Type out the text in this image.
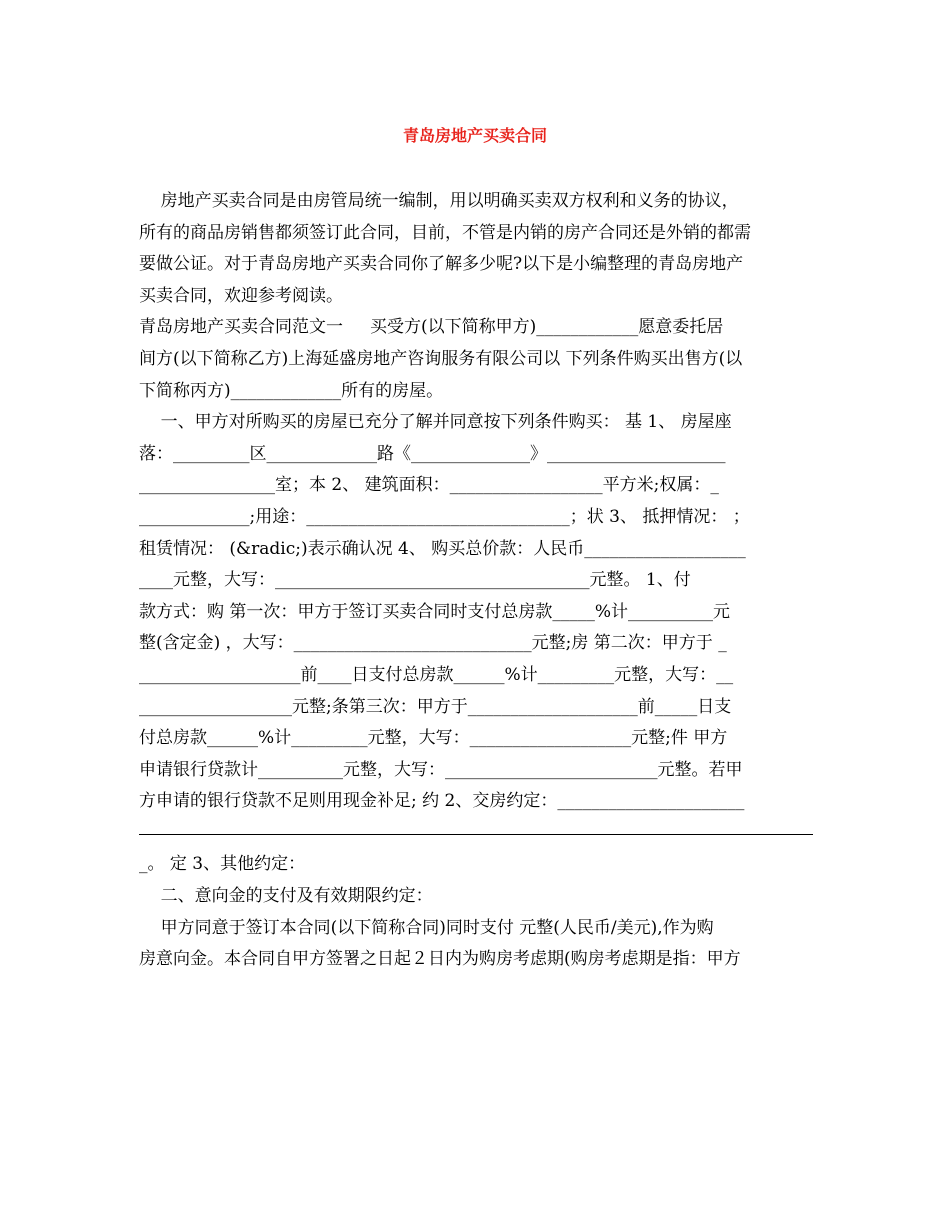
青岛房地产买卖合同
房地产买卖合同是由房管局统一编制，用以明确买卖双方权利和义务的协议，
所有的商品房销售都须签订此合同，目前，不管是内销的房产合同还是外销的都需
要做公证。对于青岛房地产买卖合同你了解多少呢?以下是小编整理的青岛房地产
买卖合同，欢迎参考阅读。
青岛房地产买卖合同范文一     买受方(以下简称甲方)____________愿意委托居
间方(以下简称乙方)上海延盛房地产咨询服务有限公司以 下列条件购买出售方(以
下简称丙方)_____________所有的房屋。
一、甲方对所购买的房屋已充分了解并同意按下列条件购买： 基 1、 房屋座
落：_________区_____________路《______________》_____________________
________________室；本 2、 建筑面积：__________________平方米;权属：_
_____________;用途：_______________________________；状 3、 抵押情况： ；
租赁情况： (&radic;)表示确认况 4、 购买总价款：人民币___________________
____元整，大写：_____________________________________元整。 1、付
款方式：购 第一次：甲方于签订买卖合同时支付总房款_____%计__________元
整(含定金) ，大写：____________________________元整;房 第二次：甲方于 _
___________________前____日支付总房款______%计_________元整，大写：__
__________________元整;条第三次：甲方于____________________前_____日支
付总房款______%计_________元整，大写：___________________元整;件 甲方
申请银行贷款计__________元整，大写：_________________________元整。若甲
方申请的银行贷款不足则用现金补足; 约 2、交房约定：______________________
_。 定 3、其他约定：
二、意向金的支付及有效期限约定：
甲方同意于签订本合同(以下简称合同)同时支付 元整(人民币/美元),作为购
房意向金。本合同自甲方签署之日起２日内为购房考虑期(购房考虑期是指：甲方
